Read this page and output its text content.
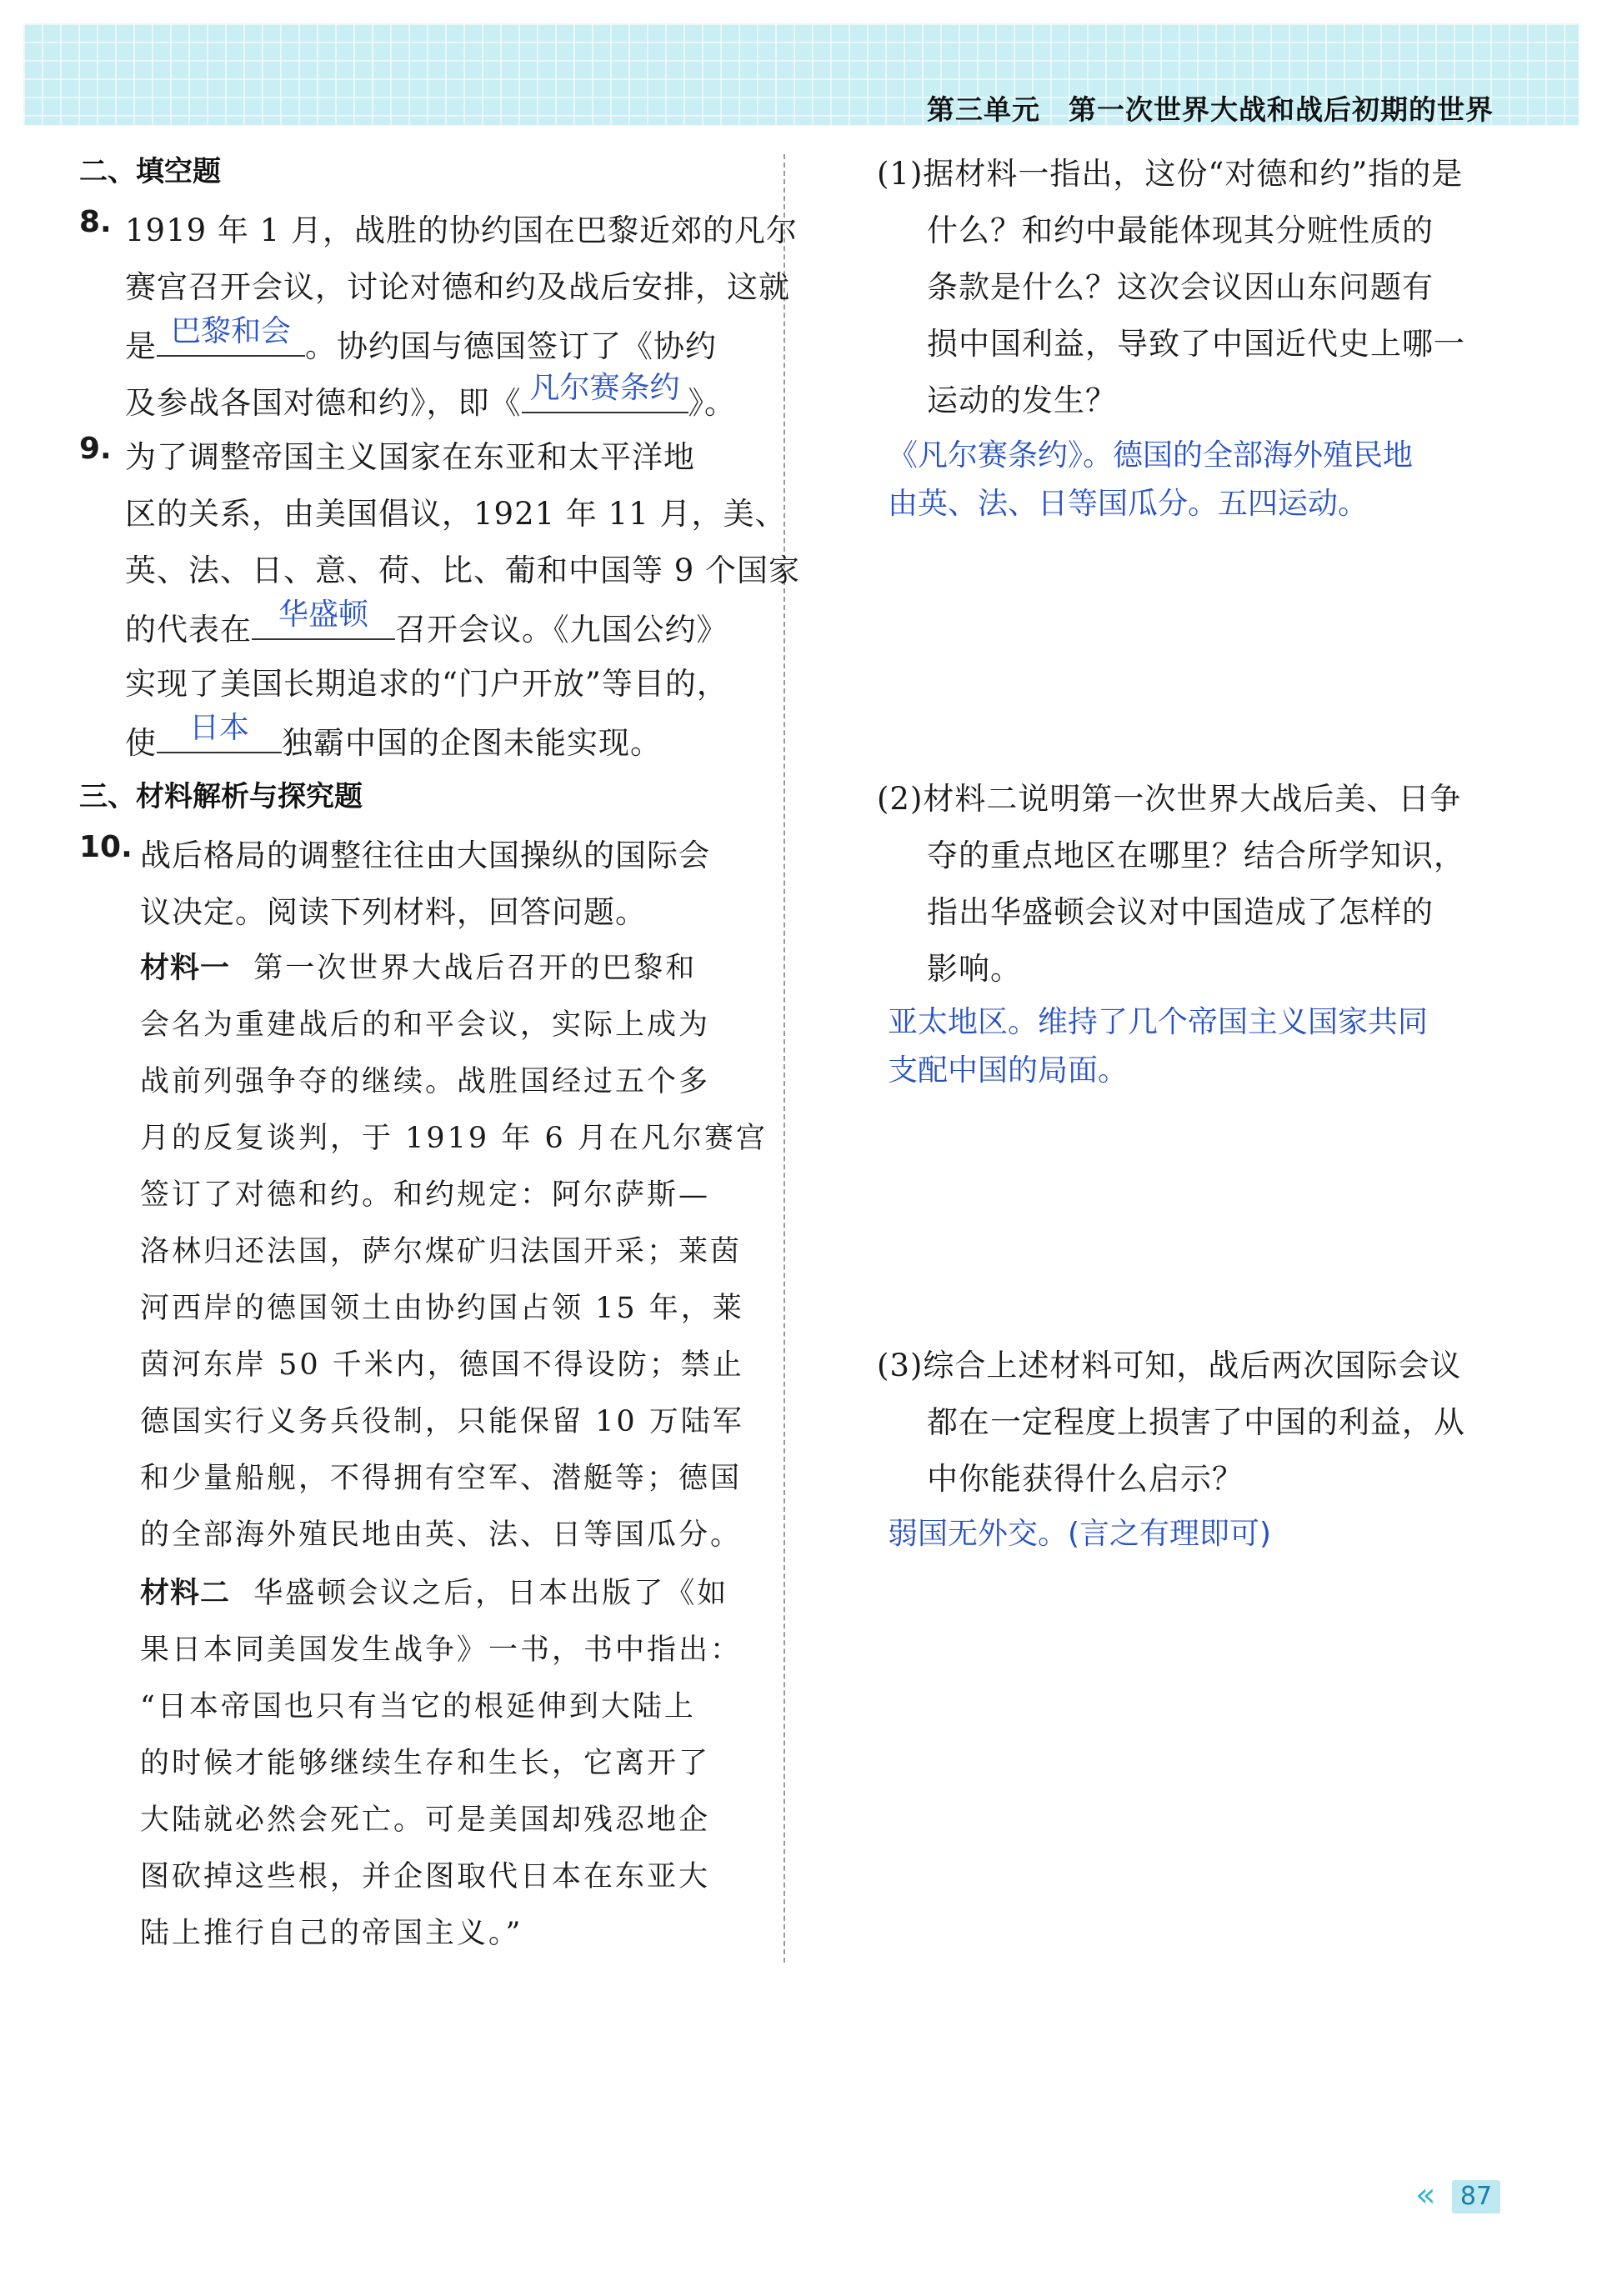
第三单元　第一次世界大战和战后初期的世界
二、填空题
8. 1919 年 1 月，战胜的协约国在巴黎近郊的凡尔
赛宫召开会议，讨论对德和约及战后安排，这就
是 巴黎和会 。协约国与德国签订了《协约
及参战各国对德和约》，即《 凡尔赛条约 》。
9. 为了调整帝国主义国家在东亚和太平洋地
区的关系，由美国倡议，1921 年 11 月，美、
英、法、日、意、荷、比、葡和中国等 9 个国家
的代表在 华盛顿 召开会议。《九国公约》
实现了美国长期追求的“门户开放”等目的，
使	日本	独霸中国的企图未能实现。
三、材料解析与探究题
10. 战后格局的调整往往由大国操纵的国际会
议决定。阅读下列材料，回答问题。
材料一 第一次世界大战后召开的巴黎和
会名为重建战后的和平会议，实际上成为
战前列强争夺的继续。战胜国经过五个多
月的反复谈判，于 1919 年 6 月在凡尔赛宫
签订了对德和约。和约规定：阿尔萨斯—
洛林归还法国，萨尔煤矿归法国开采；莱茵
河西岸的德国领土由协约国占领 15 年，莱
茵河东岸 50 千米内，德国不得设防；禁止
德国实行义务兵役制，只能保留 10 万陆军
和少量船舰，不得拥有空军、潜艇等；德国
的全部海外殖民地由英、法、日等国瓜分。
材料二 华盛顿会议之后，日本出版了《如
果日本同美国发生战争》一书，书中指出：
“日本帝国也只有当它的根延伸到大陆上
的时候才能够继续生存和生长，它离开了
大陆就必然会死亡。可是美国却残忍地企
图砍掉这些根，并企图取代日本在东亚大
陆上推行自己的帝国主义。”
(1)据材料一指出，这份“对德和约”指的是
什么？和约中最能体现其分赃性质的
条款是什么？这次会议因山东问题有
损中国利益，导致了中国近代史上哪一
运动的发生？
《凡尔赛条约》。德国的全部海外殖民地
由英、法、日等国瓜分。五四运动。
(2)材料二说明第一次世界大战后美、日争
夺的重点地区在哪里？结合所学知识，
指出华盛顿会议对中国造成了怎样的
影响。
亚太地区。维持了几个帝国主义国家共同
支配中国的局面。
(3)综合上述材料可知，战后两次国际会议
都在一定程度上损害了中国的利益，从
中你能获得什么启示？
弱国无外交。(言之有理即可)
«	87
